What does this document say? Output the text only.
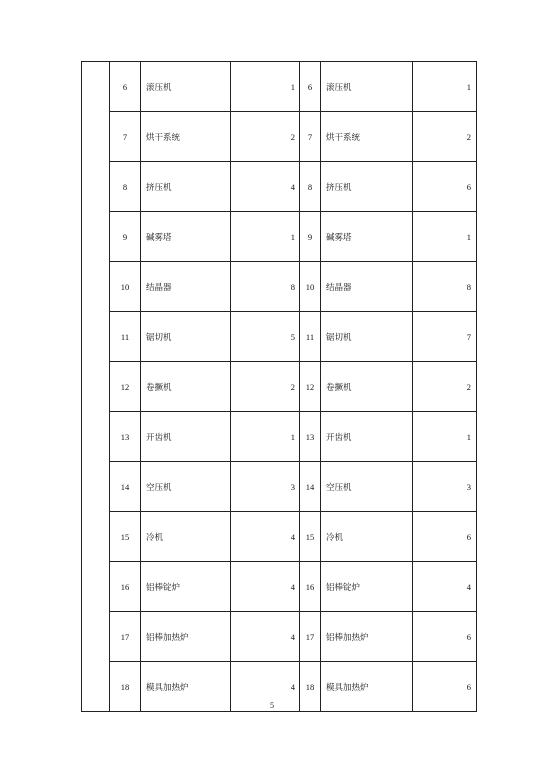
	6	滚压机	1	6	滚压机	1
	7	烘干系统	2	7	烘干系统	2
	8	挤压机	4	8	挤压机	6
	9	碱雾塔	1	9	碱雾塔	1
	10	结晶器	8	10	结晶器	8
	11	锯切机	5	11	锯切机	7
	12	卷撅机	2	12	卷撅机	2
	13	开齿机	1	13	开齿机	1
	14	空压机	3	14	空压机	3
	15	冷机	4	15	冷机	6
	16	铝棒锭炉	4	16	铝棒锭炉	4
	17	铝棒加热炉	4	17	铝棒加热炉	6
	18	模具加热炉	4	18	模具加热炉	6
5
